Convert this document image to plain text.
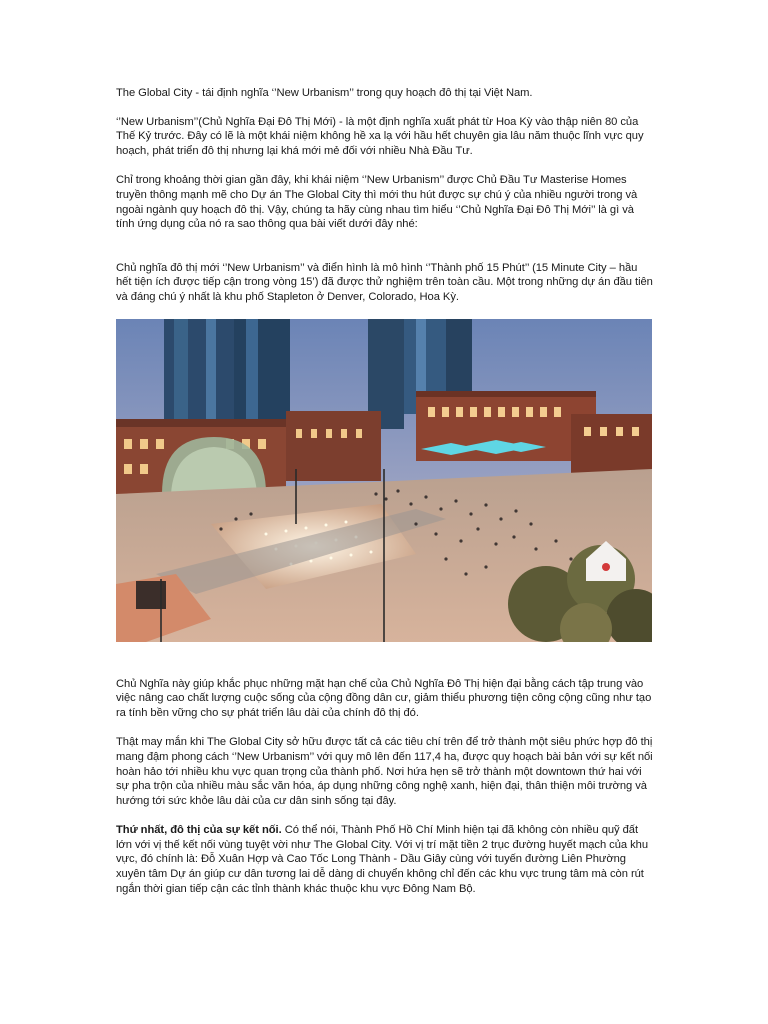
The Global City - tái định nghĩa ‘’New Urbanism’’ trong quy hoạch đô thị tại Việt Nam.

‘’New Urbanism’’(Chủ Nghĩa Đại Đô Thị Mới) - là một định nghĩa xuất phát từ Hoa Kỳ vào thập niên 80 của Thế Kỷ trước. Đây có lẽ là một khái niệm không hề xa lạ với hầu hết chuyên gia lâu năm thuộc lĩnh vực quy hoạch, phát triển đô thị nhưng lại khá mới mẻ đối với nhiều Nhà Đầu Tư.

Chỉ trong khoảng thời gian gần đây, khi khái niệm ‘’New Urbanism’’ được Chủ Đầu Tư Masterise Homes truyền thông mạnh mẽ cho Dự án The Global City thì mới thu hút được sự chú ý của nhiều người trong và ngoài ngành quy hoạch đô thị. Vậy, chúng ta hãy cùng nhau tìm hiểu ‘’Chủ Nghĩa Đại Đô Thị Mới’’ là gì và tính ứng dụng của nó ra sao thông qua bài viết dưới đây nhé:

Chủ nghĩa đô thị mới ‘’New Urbanism’’ và điển hình là mô hình ‘’Thành phố 15 Phút’’ (15 Minute City – hầu hết tiện ích được tiếp cận trong vòng 15’) đã được thử nghiệm trên toàn cầu. Một trong những dự án đầu tiên và đáng chú ý nhất là khu phố Stapleton ở Denver, Colorado, Hoa Kỳ.

Chủ Nghĩa này giúp khắc phục những mặt hạn chế của Chủ Nghĩa Đô Thị hiện đại bằng cách tập trung vào việc nâng cao chất lượng cuộc sống của cộng đồng dân cư, giảm thiểu phương tiện công cộng cũng như tạo ra tính bền vững cho sự phát triển lâu dài của chính đô thị đó.

Thật may mắn khi The Global City sở hữu được tất cả các tiêu chí trên để trở thành một siêu phức hợp đô thị mang đậm phong cách ‘’New Urbanism’’ với quy mô lên đến 117,4 ha, được quy hoạch bài bản với sự kết nối hoàn hảo tới nhiều khu vực quan trọng của thành phố. Nơi hứa hẹn sẽ trở thành một downtown thứ hai với sự pha trộn của nhiều màu sắc văn hóa, áp dụng những công nghệ xanh, hiện đại, thân thiện môi trường và hướng tới sức khỏe lâu dài của cư dân sinh sống tại đây.

Thứ nhất, đô thị của sự kết nối. Có thể nói, Thành Phố Hồ Chí Minh hiện tại đã không còn nhiều quỹ đất lớn với vị thế kết nối vùng tuyệt vời như The Global City. Với vị trí mặt tiền 2 trục đường huyết mạch của khu vực, đó chính là: Đỗ Xuân Hợp và Cao Tốc Long Thành - Dầu Giây cùng với tuyến đường Liên Phường xuyên tâm Dự án giúp cư dân tương lai dễ dàng di chuyển không chỉ đến các khu vực trung tâm mà còn rút ngắn thời gian tiếp cận các tỉnh thành khác thuộc khu vực Đông Nam Bộ.
